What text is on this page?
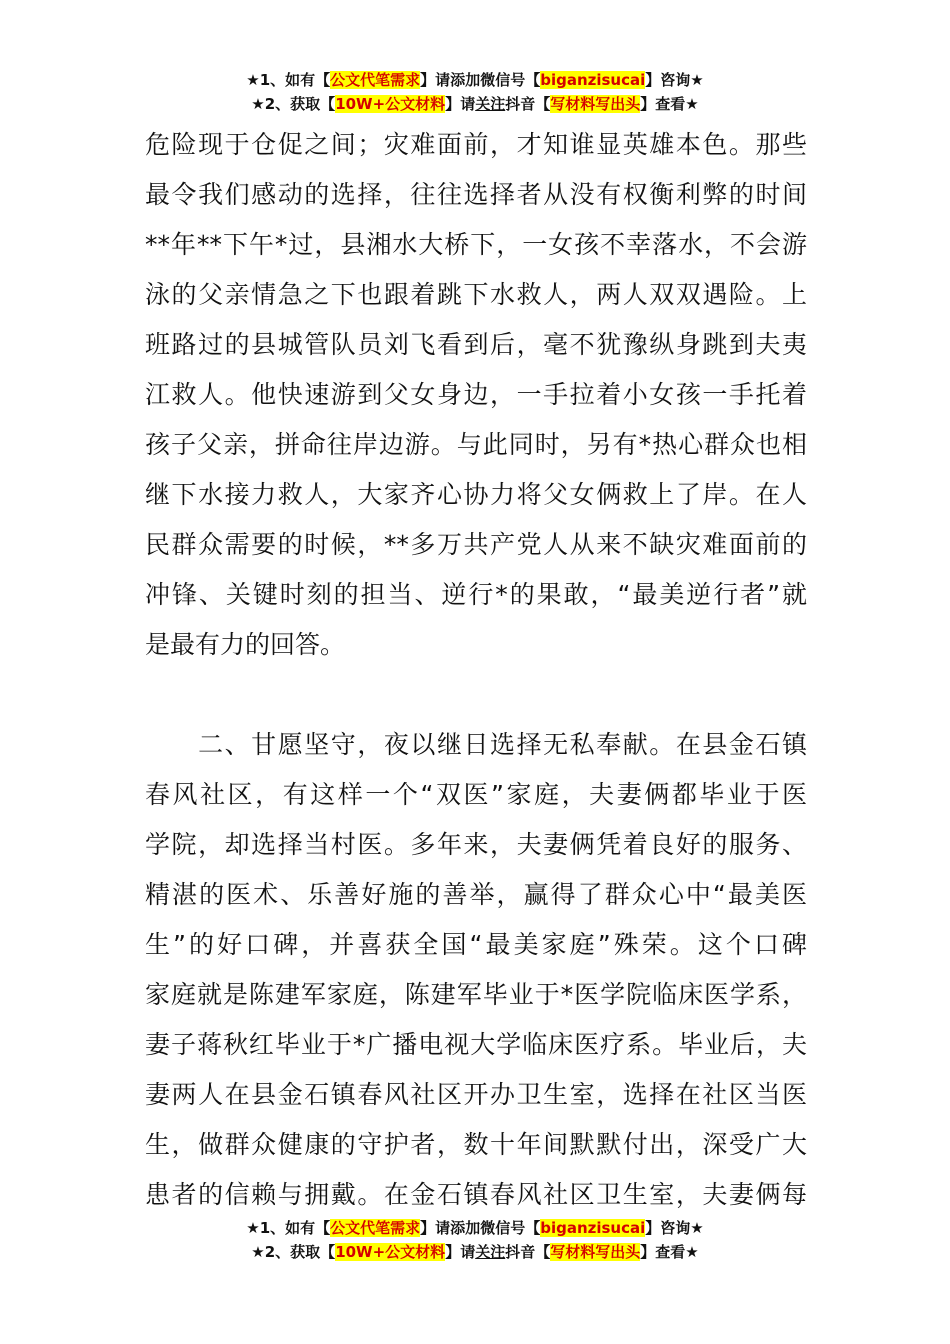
★1、如有【公文代笔需求】请添加微信号【biganzisucai】咨询★
★2、获取【10W+公文材料】请关注抖音【写材料写出头】查看★
危险现于仓促之间；灾难面前，才知谁显英雄本色。那些
最令我们感动的选择，往往选择者从没有权衡利弊的时间
**年**下午*过，县湘水大桥下，一女孩不幸落水，不会游
泳的父亲情急之下也跟着跳下水救人，两人双双遇险。上
班路过的县城管队员刘飞看到后，毫不犹豫纵身跳到夫夷
江救人。他快速游到父女身边，一手拉着小女孩一手托着
孩子父亲，拼命往岸边游。与此同时，另有*热心群众也相
继下水接力救人，大家齐心协力将父女俩救上了岸。在人
民群众需要的时候，**多万共产党人从来不缺灾难面前的
冲锋、关键时刻的担当、逆行*的果敢，“最美逆行者”就
是最有力的回答。
　　二、甘愿坚守，夜以继日选择无私奉献。在县金石镇
春风社区，有这样一个“双医”家庭，夫妻俩都毕业于医
学院，却选择当村医。多年来，夫妻俩凭着良好的服务、
精湛的医术、乐善好施的善举，赢得了群众心中“最美医
生”的好口碑，并喜获全国“最美家庭”殊荣。这个口碑
家庭就是陈建军家庭，陈建军毕业于*医学院临床医学系，
妻子蒋秋红毕业于*广播电视大学临床医疗系。毕业后，夫
妻两人在县金石镇春风社区开办卫生室，选择在社区当医
生，做群众健康的守护者，数十年间默默付出，深受广大
患者的信赖与拥戴。在金石镇春风社区卫生室，夫妻俩每
★1、如有【公文代笔需求】请添加微信号【biganzisucai】咨询★
★2、获取【10W+公文材料】请关注抖音【写材料写出头】查看★
